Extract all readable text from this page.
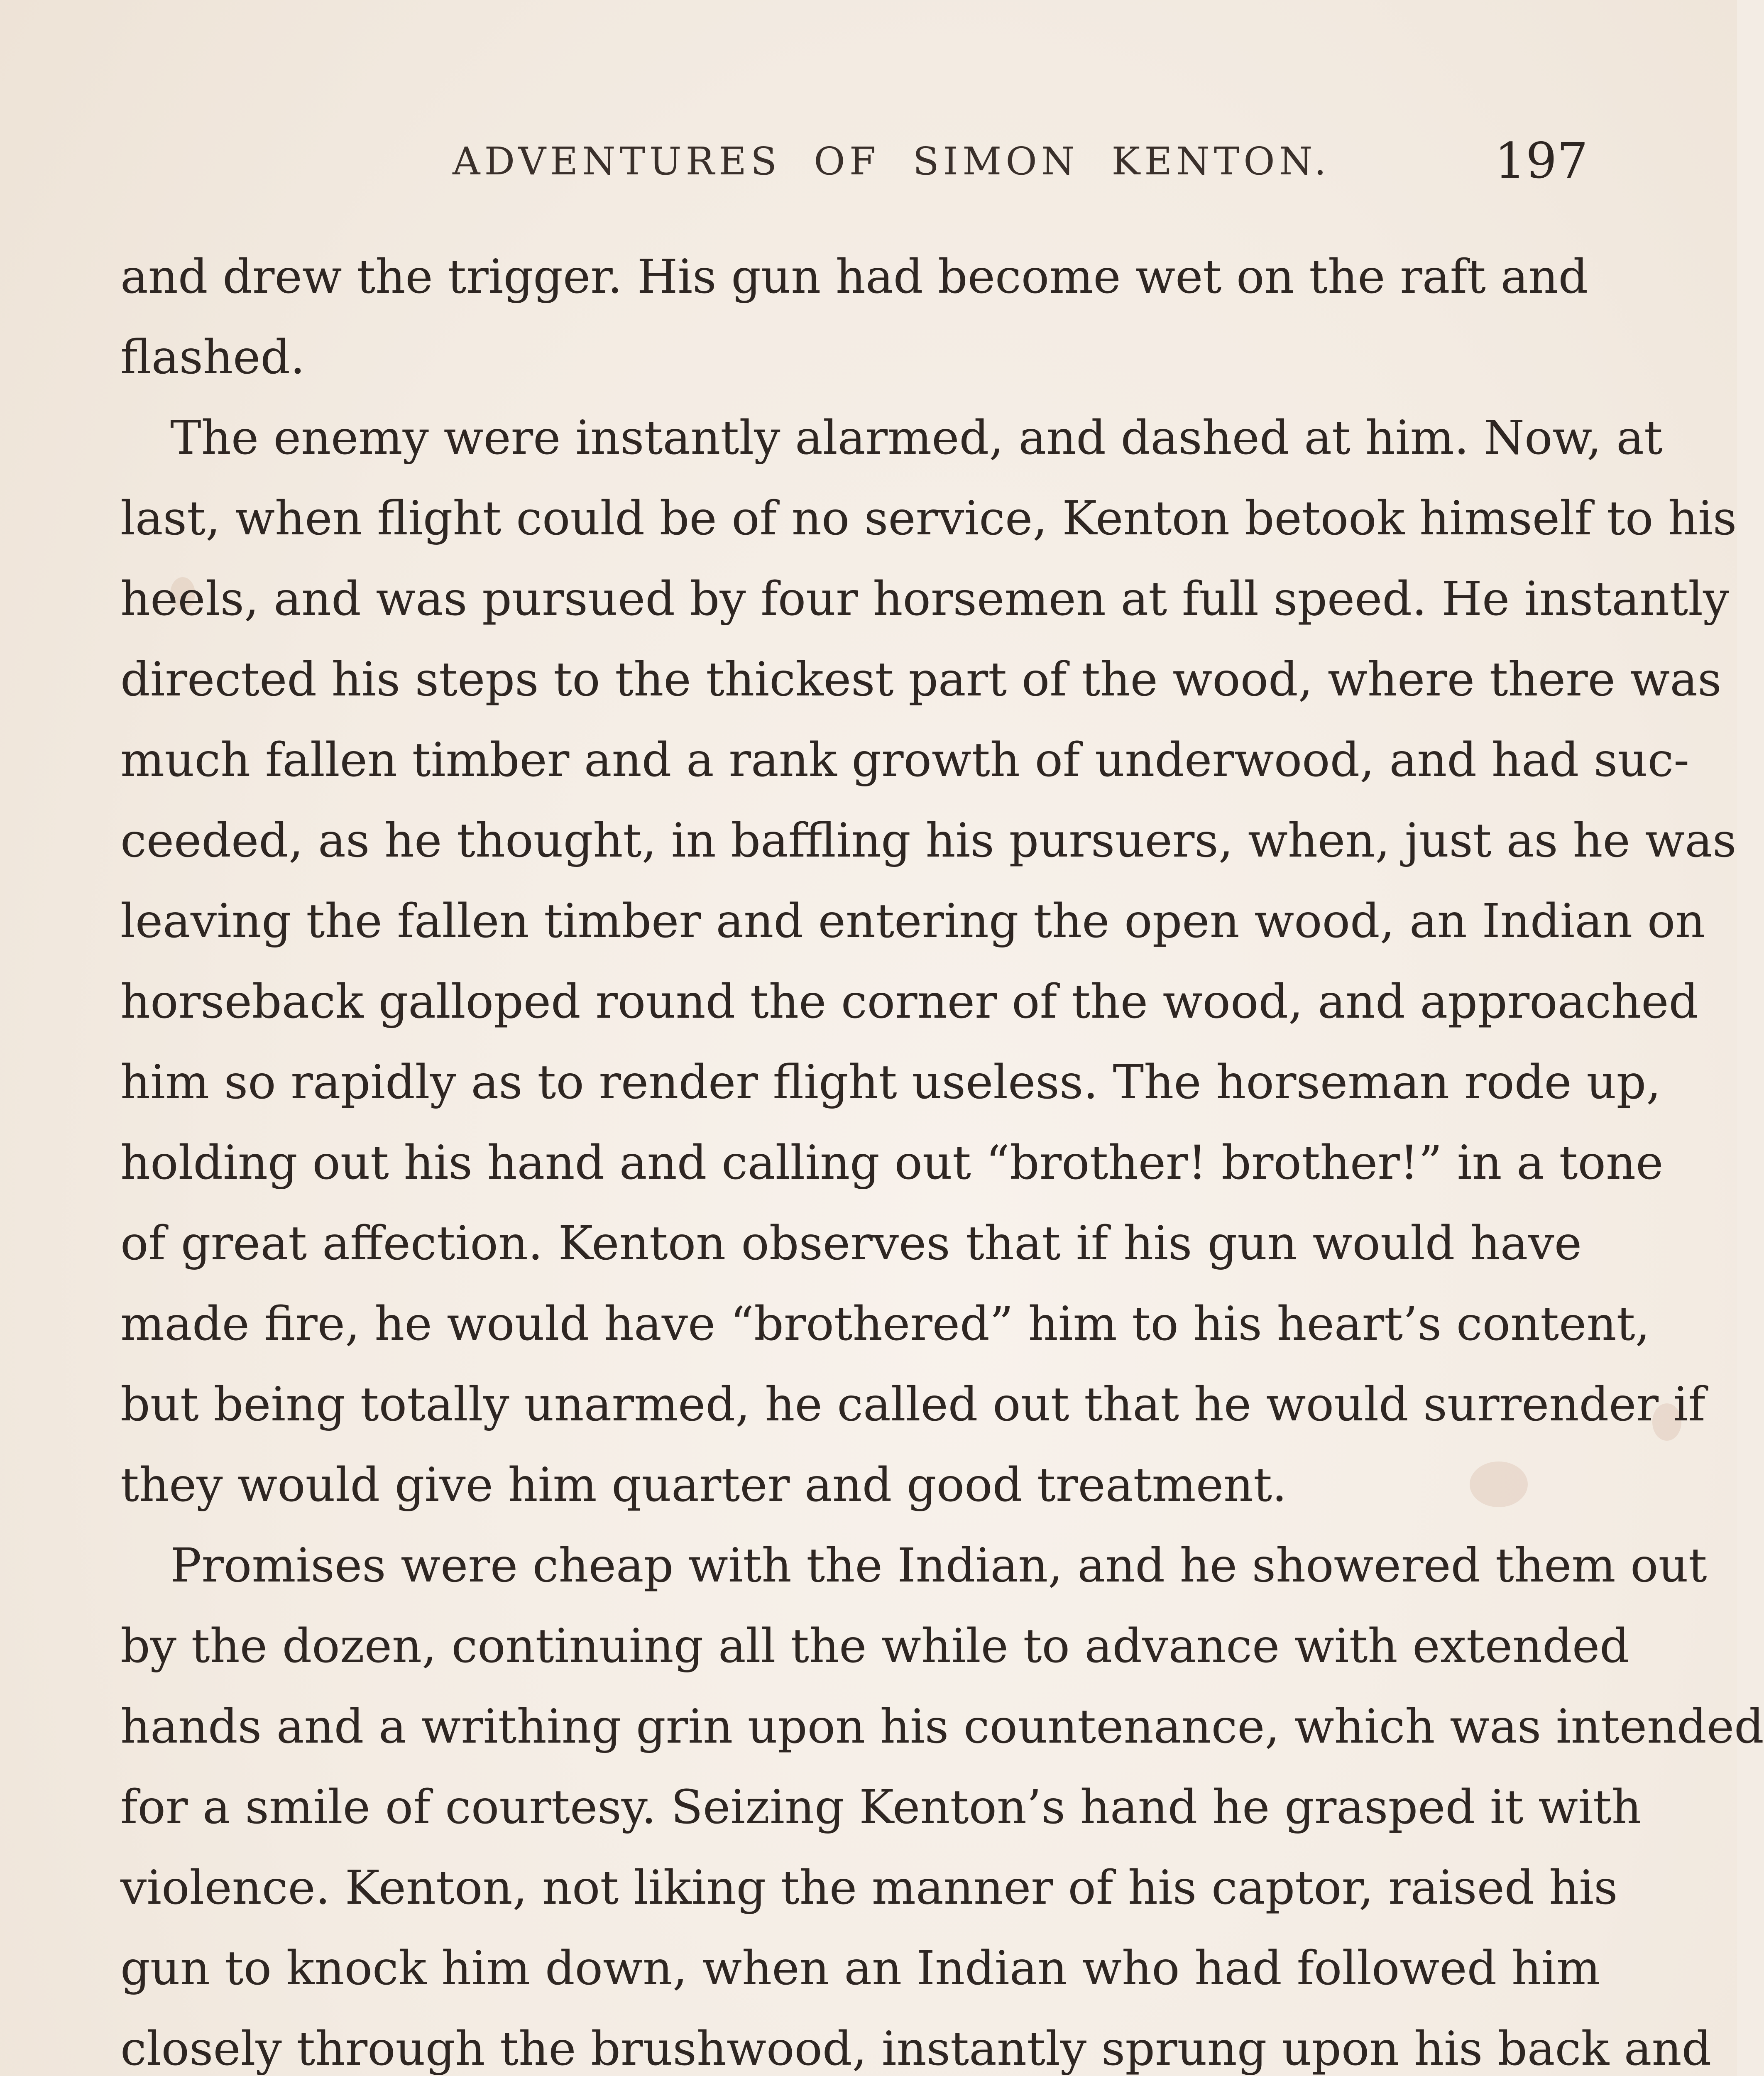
ADVENTURES OF SIMON KENTON.	197
and drew the trigger. His gun had become wet on the raft and
flashed.
The enemy were instantly alarmed, and dashed at him. Now, at
last, when flight could be of no service, Kenton betook himself to his
heels, and was pursued by four horsemen at full speed. He instantly
directed his steps to the thickest part of the wood, where there was
much fallen timber and a rank growth of underwood, and had suc-
ceeded, as he thought, in baffling his pursuers, when, just as he was
leaving the fallen timber and entering the open wood, an Indian on
horseback galloped round the corner of the wood, and approached
him so rapidly as to render flight useless. The horseman rode up,
holding out his hand and calling out “brother! brother!” in a tone
of great affection. Kenton observes that if his gun would have
made fire, he would have “brothered” him to his heart’s content,
but being totally unarmed, he called out that he would surrender if
they would give him quarter and good treatment.
Promises were cheap with the Indian, and he showered them out
by the dozen, continuing all the while to advance with extended
hands and a writhing grin upon his countenance, which was intended
for a smile of courtesy. Seizing Kenton’s hand he grasped it with
violence. Kenton, not liking the manner of his captor, raised his
gun to knock him down, when an Indian who had followed him
closely through the brushwood, instantly sprung upon his back and
